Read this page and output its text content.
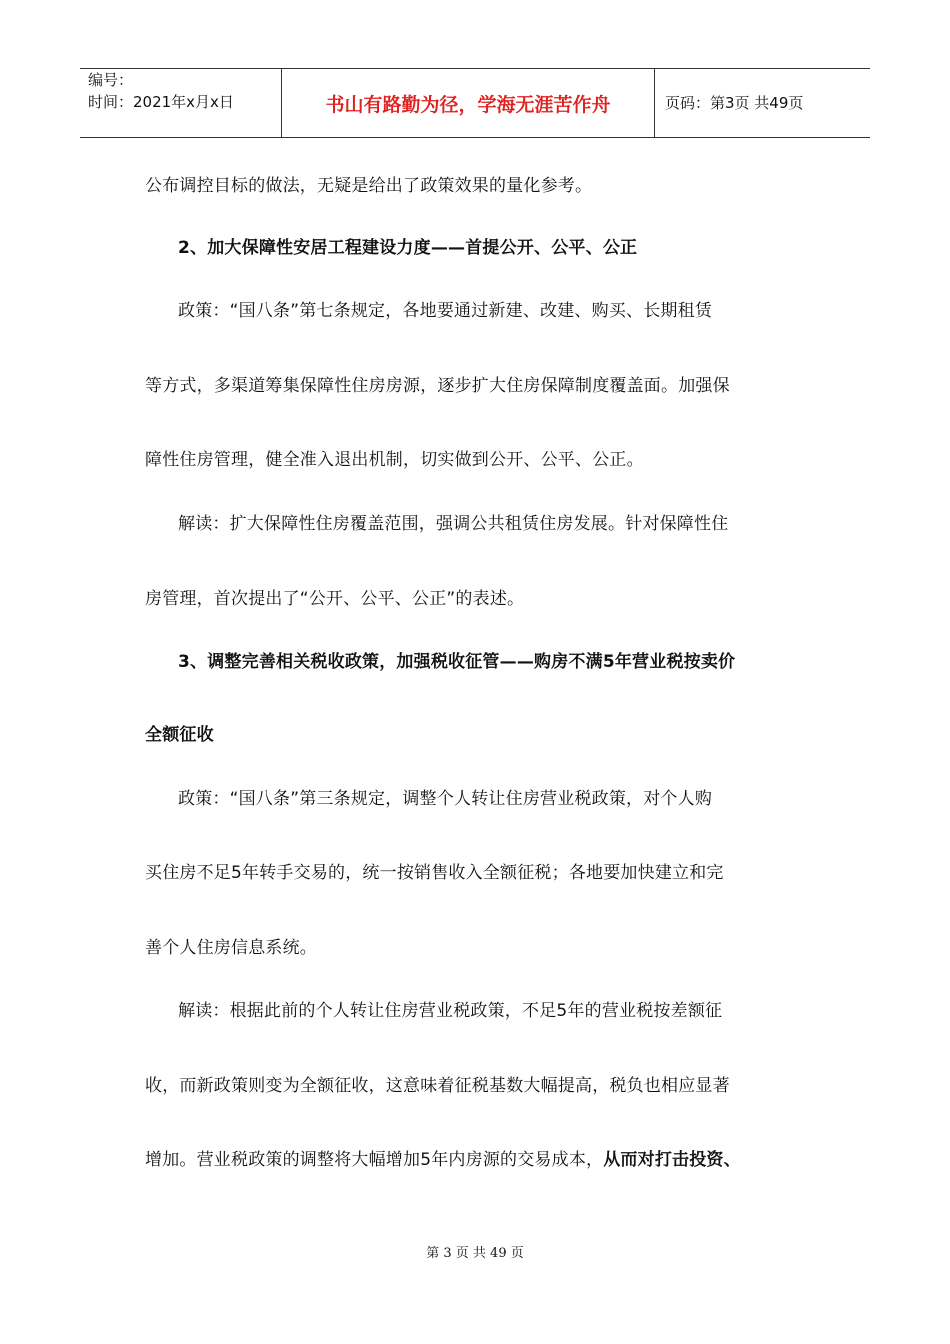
编号：
时间：2021年x月x日	书山有路勤为径，学海无涯苦作舟	页码：第3页 共49页
公布调控目标的做法，无疑是给出了政策效果的量化参考。
2、加大保障性安居工程建设力度——首提公开、公平、公正
政策：“国八条”第七条规定，各地要通过新建、改建、购买、长期租赁
等方式，多渠道筹集保障性住房房源，逐步扩大住房保障制度覆盖面。加强保
障性住房管理，健全准入退出机制，切实做到公开、公平、公正。
解读：扩大保障性住房覆盖范围，强调公共租赁住房发展。针对保障性住
房管理，首次提出了“公开、公平、公正”的表述。
3、调整完善相关税收政策，加强税收征管——购房不满5年营业税按卖价
全额征收
政策：“国八条”第三条规定，调整个人转让住房营业税政策，对个人购
买住房不足5年转手交易的，统一按销售收入全额征税；各地要加快建立和完
善个人住房信息系统。
解读：根据此前的个人转让住房营业税政策，不足5年的营业税按差额征
收，而新政策则变为全额征收，这意味着征税基数大幅提高，税负也相应显著
增加。营业税政策的调整将大幅增加5年内房源的交易成本，从而对打击投资、
第 3 页 共 49 页
